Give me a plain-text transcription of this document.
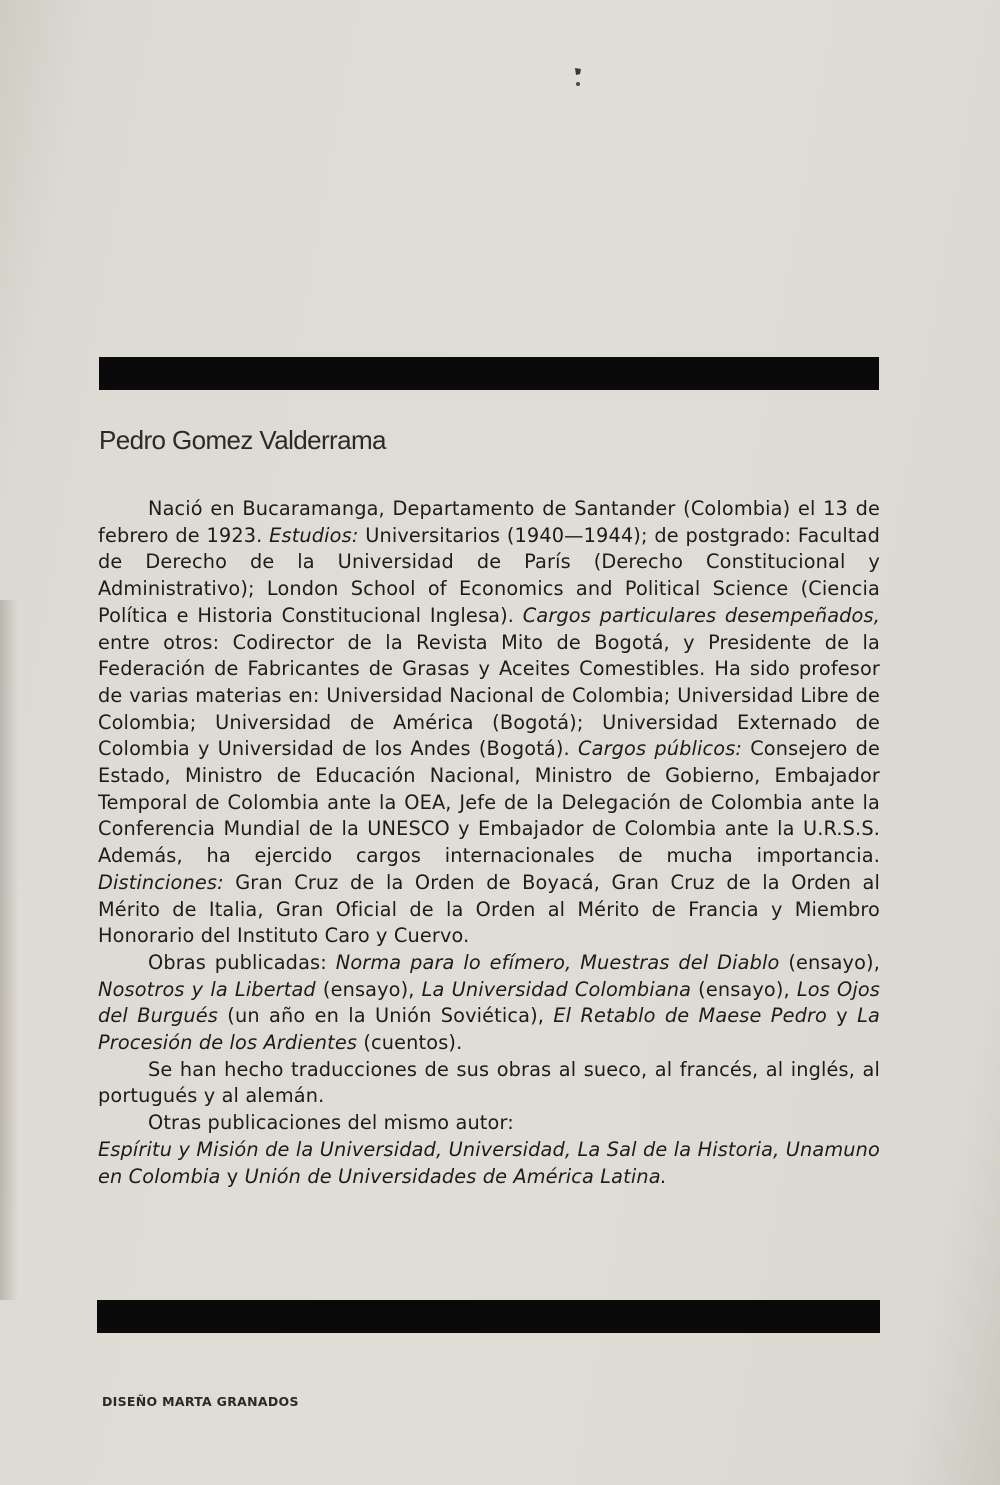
Pedro Gomez Valderrama

Nació en Bucaramanga, Departamento de Santander (Colombia) el 13 de febrero de 1923. Estudios: Universitarios (1940—1944); de postgrado: Facultad de Derecho de la Universidad de París (Derecho Constitucional y Administrativo); London School of Economics and Political Science (Ciencia Política e Historia Constitucional Inglesa). Cargos particulares desempeñados, entre otros: Codirector de la Revista Mito de Bogotá, y Presidente de la Federación de Fabricantes de Grasas y Aceites Comestibles. Ha sido profesor de varias materias en: Universidad Nacional de Colombia; Universidad Libre de Colombia; Universidad de América (Bogotá); Universidad Externado de Colombia y Universidad de los Andes (Bogotá). Cargos públicos: Consejero de Estado, Ministro de Educación Nacional, Ministro de Gobierno, Embajador Temporal de Colombia ante la OEA, Jefe de la Delegación de Colombia ante la Conferencia Mundial de la UNESCO y Embajador de Colombia ante la U.R.S.S. Además, ha ejercido cargos internacionales de mucha importancia. Distinciones: Gran Cruz de la Orden de Boyacá, Gran Cruz de la Orden al Mérito de Italia, Gran Oficial de la Orden al Mérito de Francia y Miembro Honorario del Instituto Caro y Cuervo.

Obras publicadas: Norma para lo efímero, Muestras del Diablo (ensayo), Nosotros y la Libertad (ensayo), La Universidad Colombiana (ensayo), Los Ojos del Burgués (un año en la Unión Soviética), El Retablo de Maese Pedro y La Procesión de los Ardientes (cuentos).

Se han hecho traducciones de sus obras al sueco, al francés, al inglés, al portugués y al alemán.

Otras publicaciones del mismo autor:

Espíritu y Misión de la Universidad, Universidad, La Sal de la Historia, Unamuno en Colombia y Unión de Universidades de América Latina.

DISEÑO MARTA GRANADOS
